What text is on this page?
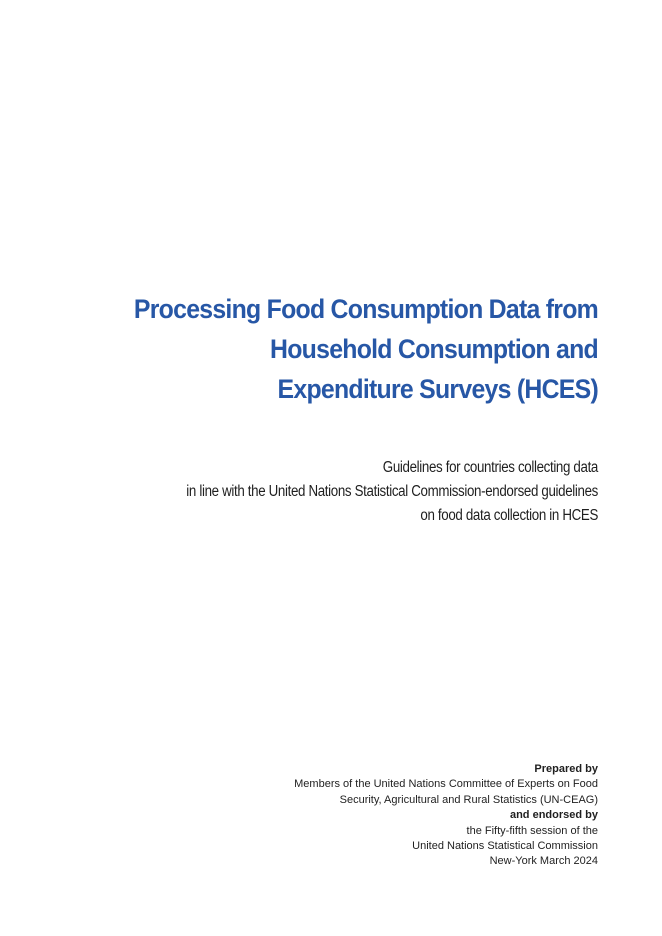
Processing Food Consumption Data from
Household Consumption and
Expenditure Surveys (HCES)
Guidelines for countries collecting data
in line with the United Nations Statistical Commission-endorsed guidelines
on food data collection in HCES
Prepared by
Members of the United Nations Committee of Experts on Food
Security, Agricultural and Rural Statistics (UN-CEAG)
and endorsed by
the Fifty-fifth session of the
United Nations Statistical Commission
New-York March 2024
